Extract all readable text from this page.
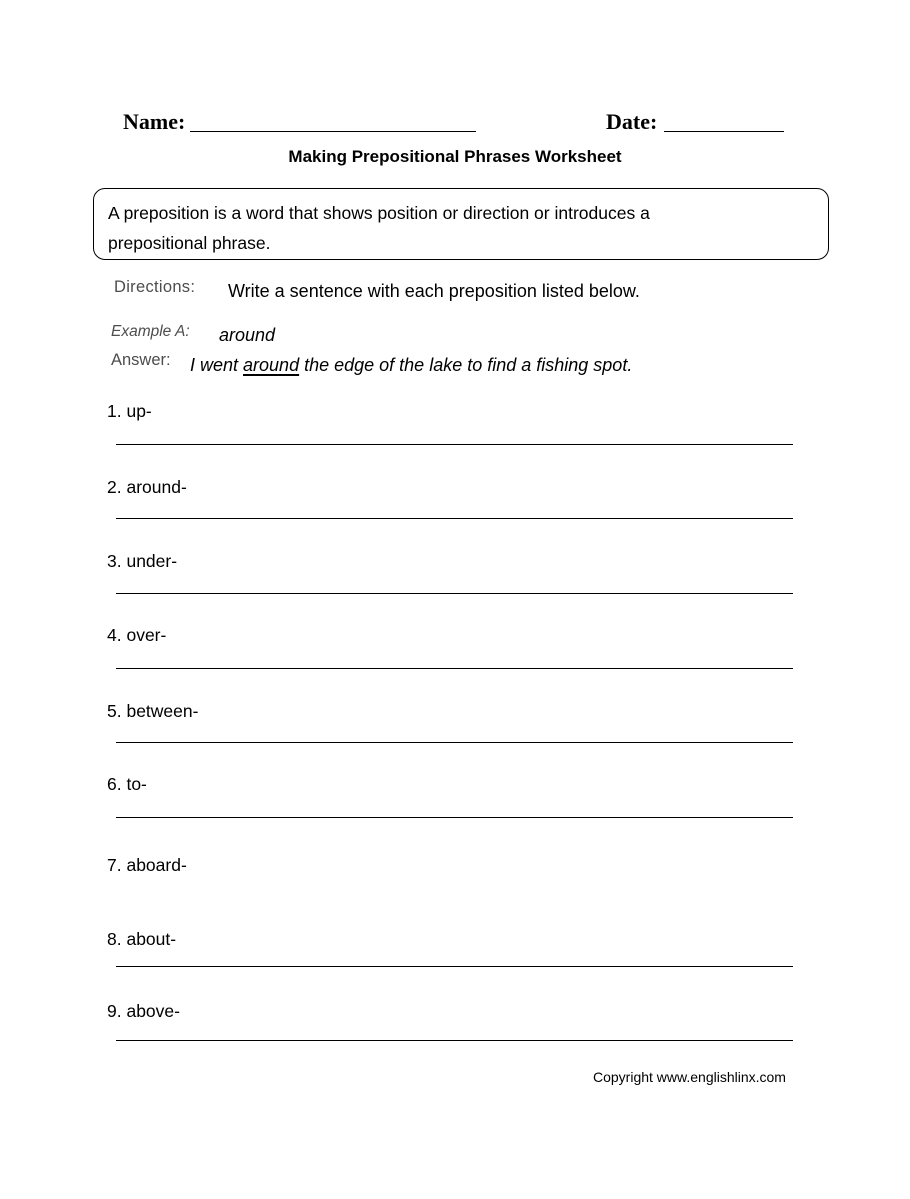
Name:	Date:
Making Prepositional Phrases Worksheet
A preposition is a word that shows position or direction or introduces a prepositional phrase.
Directions: Write a sentence with each preposition listed below.
Example A: around
Answer: I went around the edge of the lake to find a fishing spot.
1. up-
2. around-
3. under-
4. over-
5. between-
6. to-
7. aboard-
8. about-
9. above-
Copyright www.englishlinx.com
